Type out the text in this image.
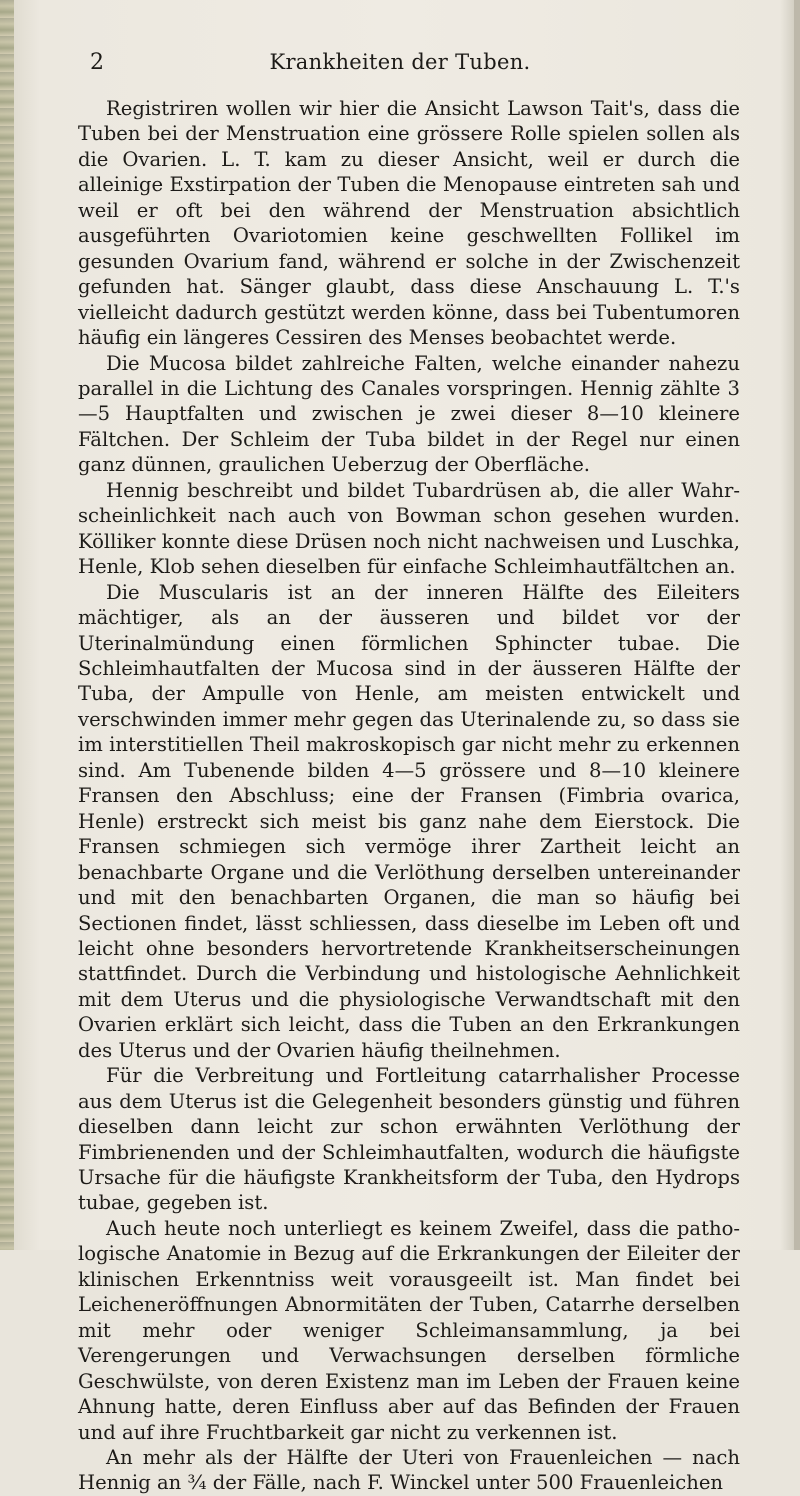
2	Krankheiten der Tuben.

Registriren wollen wir hier die Ansicht Lawson Tait's, dass die Tuben bei der Menstruation eine grössere Rolle spielen sollen als die Ovarien. L. T. kam zu dieser Ansicht, weil er durch die alleinige Exstirpation der Tuben die Menopause eintreten sah und weil er oft bei den während der Menstruation absichtlich ausgeführten Ovariotomien keine geschwellten Follikel im gesunden Ovarium fand, während er solche in der Zwischenzeit gefunden hat. Sänger glaubt, dass diese Anschauung L. T.'s vielleicht dadurch gestützt werden könne, dass bei Tubentumoren häufig ein längeres Cessiren des Menses beobachtet werde.

Die Mucosa bildet zahlreiche Falten, welche einander nahezu parallel in die Lichtung des Canales vorspringen. Hennig zählte 3—5 Hauptfalten und zwischen je zwei dieser 8—10 kleinere Fältchen. Der Schleim der Tuba bildet in der Regel nur einen ganz dünnen, graulichen Ueberzug der Oberfläche.

Hennig beschreibt und bildet Tubardrüsen ab, die aller Wahrscheinlichkeit nach auch von Bowman schon gesehen wurden. Kölliker konnte diese Drüsen noch nicht nachweisen und Luschka, Henle, Klob sehen dieselben für einfache Schleimhautfältchen an.

Die Muscularis ist an der inneren Hälfte des Eileiters mächtiger, als an der äusseren und bildet vor der Uterinalmündung einen förmlichen Sphincter tubae. Die Schleimhautfalten der Mucosa sind in der äusseren Hälfte der Tuba, der Ampulle von Henle, am meisten entwickelt und verschwinden immer mehr gegen das Uterinalende zu, so dass sie im interstitiellen Theil makroskopisch gar nicht mehr zu erkennen sind. Am Tubenende bilden 4—5 grössere und 8—10 kleinere Fransen den Abschluss; eine der Fransen (Fimbria ovarica, Henle) erstreckt sich meist bis ganz nahe dem Eierstock. Die Fransen schmiegen sich vermöge ihrer Zartheit leicht an benachbarte Organe und die Verlöthung derselben untereinander und mit den benachbarten Organen, die man so häufig bei Sectionen findet, lässt schliessen, dass dieselbe im Leben oft und leicht ohne besonders hervortretende Krankheitserscheinungen stattfindet. Durch die Verbindung und histologische Aehnlichkeit mit dem Uterus und die physiologische Verwandtschaft mit den Ovarien erklärt sich leicht, dass die Tuben an den Erkrankungen des Uterus und der Ovarien häufig theilnehmen.

Für die Verbreitung und Fortleitung catarrhalisher Processe aus dem Uterus ist die Gelegenheit besonders günstig und führen dieselben dann leicht zur schon erwähnten Verlöthung der Fimbrienenden und der Schleimhautfalten, wodurch die häufigste Ursache für die häufigste Krankheitsform der Tuba, den Hydrops tubae, gegeben ist.

Auch heute noch unterliegt es keinem Zweifel, dass die pathologische Anatomie in Bezug auf die Erkrankungen der Eileiter der klinischen Erkenntniss weit vorausgeeilt ist. Man findet bei Leicheneröffnungen Abnormitäten der Tuben, Catarrhe derselben mit mehr oder weniger Schleimansammlung, ja bei Verengerungen und Verwachsungen derselben förmliche Geschwülste, von deren Existenz man im Leben der Frauen keine Ahnung hatte, deren Einfluss aber auf das Befinden der Frauen und auf ihre Fruchtbarkeit gar nicht zu verkennen ist.

An mehr als der Hälfte der Uteri von Frauenleichen — nach Hennig an ¾ der Fälle, nach F. Winckel unter 500 Frauenleichen
